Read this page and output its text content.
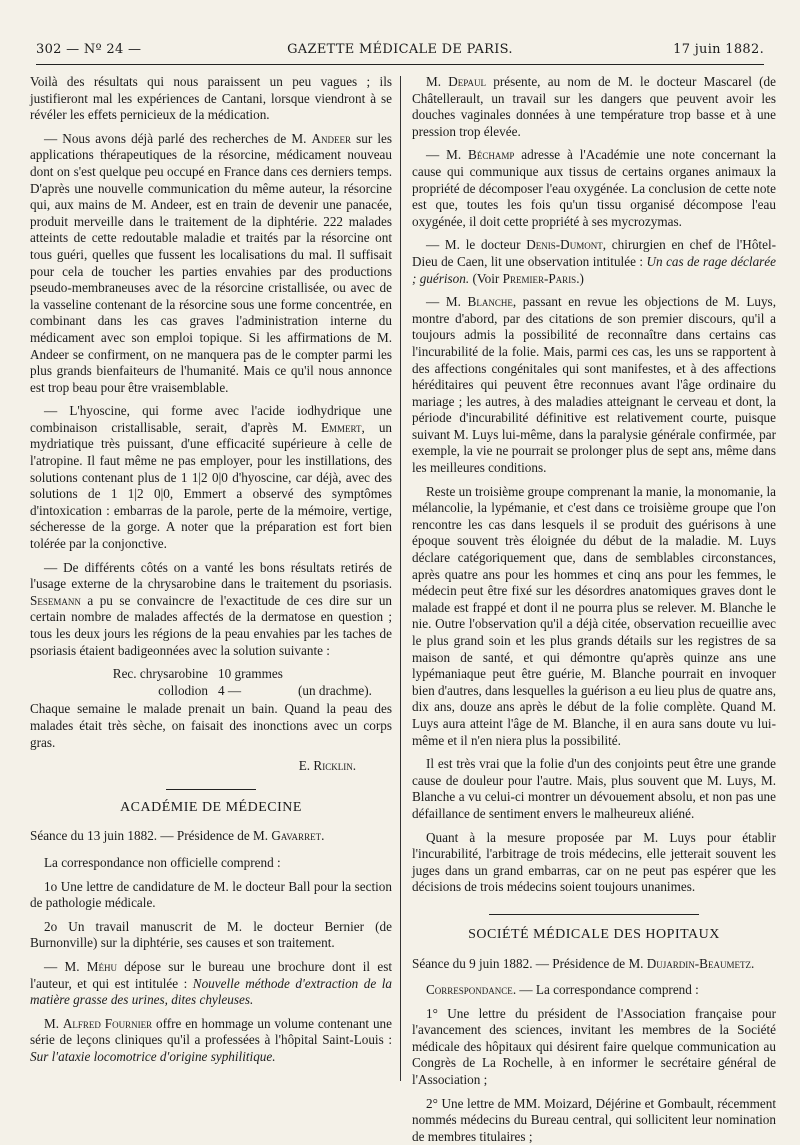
302 — Nº 24 —	GAZETTE MÉDICALE DE PARIS.	17 juin 1882.

Voilà des résultats qui nous paraissent un peu vagues ; ils justifieront mal les expériences de Cantani, lorsque viendront à se révéler les effets pernicieux de la médication.

— Nous avons déjà parlé des recherches de M. Andeer sur les applications thérapeutiques de la résorcine, médicament nouveau dont on s'est quelque peu occupé en France dans ces derniers temps. D'après une nouvelle communication du même auteur, la résorcine qui, aux mains de M. Andeer, est en train de devenir une panacée, produit merveille dans le traitement de la diphtérie. 222 malades atteints de cette redoutable maladie et traités par la résorcine ont tous guéri, quelles que fussent les localisations du mal. Il suffisait pour cela de toucher les parties envahies par des productions pseudo-membraneuses avec de la résorcine cristallisée, ou avec de la vasseline contenant de la résorcine sous une forme concentrée, en combinant dans les cas graves l'administration interne du médicament avec son emploi topique. Si les affirmations de M. Andeer se confirment, on ne manquera pas de le compter parmi les plus grands bienfaiteurs de l'humanité. Mais ce qu'il nous annonce est trop beau pour être vraisemblable.

— L'hyoscine, qui forme avec l'acide iodhydrique une combinaison cristallisable, serait, d'après M. Emmert, un mydriatique très puissant, d'une efficacité supérieure à celle de l'atropine. Il faut même ne pas employer, pour les instillations, des solutions contenant plus de 1 1|2 0|0 d'hyoscine, car déjà, avec des solutions de 1 1|2 0|0, Emmert a observé des symptômes d'intoxication : embarras de la parole, perte de la mémoire, vertige, sécheresse de la gorge. A noter que la préparation est fort bien tolérée par la conjonctive.

— De différents côtés on a vanté les bons résultats retirés de l'usage externe de la chrysarobine dans le traitement du psoriasis. Sesemann a pu se convaincre de l'exactitude de ces dire sur un certain nombre de malades affectés de la dermatose en question ; tous les deux jours les régions de la peau envahies par les taches de psoriasis étaient badigeonnées avec la solution suivante :

Rec. chrysarobine 10 grammes
collodion 4 —	(un drachme).

Chaque semaine le malade prenait un bain. Quand la peau des malades était très sèche, on faisait des inonctions avec un corps gras.

E. Ricklin.
ACADÉMIE DE MÉDECINE

Séance du 13 juin 1882. — Présidence de M. Gavarret.

La correspondance non officielle comprend :

1o Une lettre de candidature de M. le docteur Ball pour la section de pathologie médicale.

2o Un travail manuscrit de M. le docteur Bernier (de Burnonville) sur la diphtérie, ses causes et son traitement.

— M. Méhu dépose sur le bureau une brochure dont il est l'auteur, et qui est intitulée : Nouvelle méthode d'extraction de la matière grasse des urines, dites chyleuses.

M. Alfred Fournier offre en hommage un volume contenant une série de leçons cliniques qu'il a professées à l'hôpital Saint-Louis : Sur l'ataxie locomotrice d'origine syphilitique.

M. Depaul présente, au nom de M. le docteur Mascarel (de Châtellerault, un travail sur les dangers que peuvent avoir les douches vaginales données à une température trop basse et à une pression trop élevée.

— M. Béchamp adresse à l'Académie une note concernant la cause qui communique aux tissus de certains organes animaux la propriété de décomposer l'eau oxygénée. La conclusion de cette note est que, toutes les fois qu'un tissu organisé décompose l'eau oxygénée, il doit cette propriété à ses mycrozymas.

— M. le docteur Denis-Dumont, chirurgien en chef de l'Hôtel-Dieu de Caen, lit une observation intitulée : Un cas de rage déclarée ; guérison. (Voir Premier-Paris.)

— M. Blanche, passant en revue les objections de M. Luys, montre d'abord, par des citations de son premier discours, qu'il a toujours admis la possibilité de reconnaître dans certains cas l'incurabilité de la folie. Mais, parmi ces cas, les uns se rapportent à des affections congénitales qui sont manifestes, et à des affections héréditaires qui peuvent être reconnues avant l'âge ordinaire du mariage ; les autres, à des maladies atteignant le cerveau et dont, la période d'incurabilité définitive est relativement courte, puisque suivant M. Luys lui-même, dans la paralysie générale confirmée, par exemple, la vie ne pourrait se prolonger plus de sept ans, même dans les meilleures conditions.

Reste un troisième groupe comprenant la manie, la monomanie, la mélancolie, la lypémanie, et c'est dans ce troisième groupe que l'on rencontre les cas dans lesquels il se produit des guérisons à une époque souvent très éloignée du début de la maladie. M. Luys déclare catégoriquement que, dans de semblables circonstances, après quatre ans pour les hommes et cinq ans pour les femmes, le médecin peut être fixé sur les désordres anatomiques graves dont le malade est frappé et dont il ne pourra plus se relever. M. Blanche le nie. Outre l'observation qu'il a déjà citée, observation recueillie avec le plus grand soin et les plus grands détails sur les registres de sa maison de santé, et qui démontre qu'après quinze ans une lypémaniaque peut être guérie, M. Blanche pourrait en invoquer bien d'autres, dans lesquelles la guérison a eu lieu plus de quatre ans, dix ans, douze ans après le début de la folie complète. Quand M. Luys aura atteint l'âge de M. Blanche, il en aura sans doute vu lui-même et il n'en niera plus la possibilité.

Il est très vrai que la folie d'un des conjoints peut être une grande cause de douleur pour l'autre. Mais, plus souvent que M. Luys, M. Blanche a vu celui-ci montrer un dévouement absolu, et non pas une défaillance de sentiment envers le malheureux aliéné.

Quant à la mesure proposée par M. Luys pour établir l'incurabilité, l'arbitrage de trois médecins, elle jetterait souvent les juges dans un grand embarras, car on ne peut pas espérer que les décisions de trois médecins soient toujours unanimes.

SOCIÉTÉ MÉDICALE DES HOPITAUX

Séance du 9 juin 1882. — Présidence de M. Dujardin-Beaumetz.

Correspondance. — La correspondance comprend :

1° Une lettre du président de l'Association française pour l'avancement des sciences, invitant les membres de la Société médicale des hôpitaux qui désirent faire quelque communication au Congrès de La Rochelle, à en informer le secrétaire général de l'Association ;

2° Une lettre de MM. Moizard, Déjérine et Gombault, récemment nommés médecins du Bureau central, qui sollicitent leur nomination de membres titulaires ;
